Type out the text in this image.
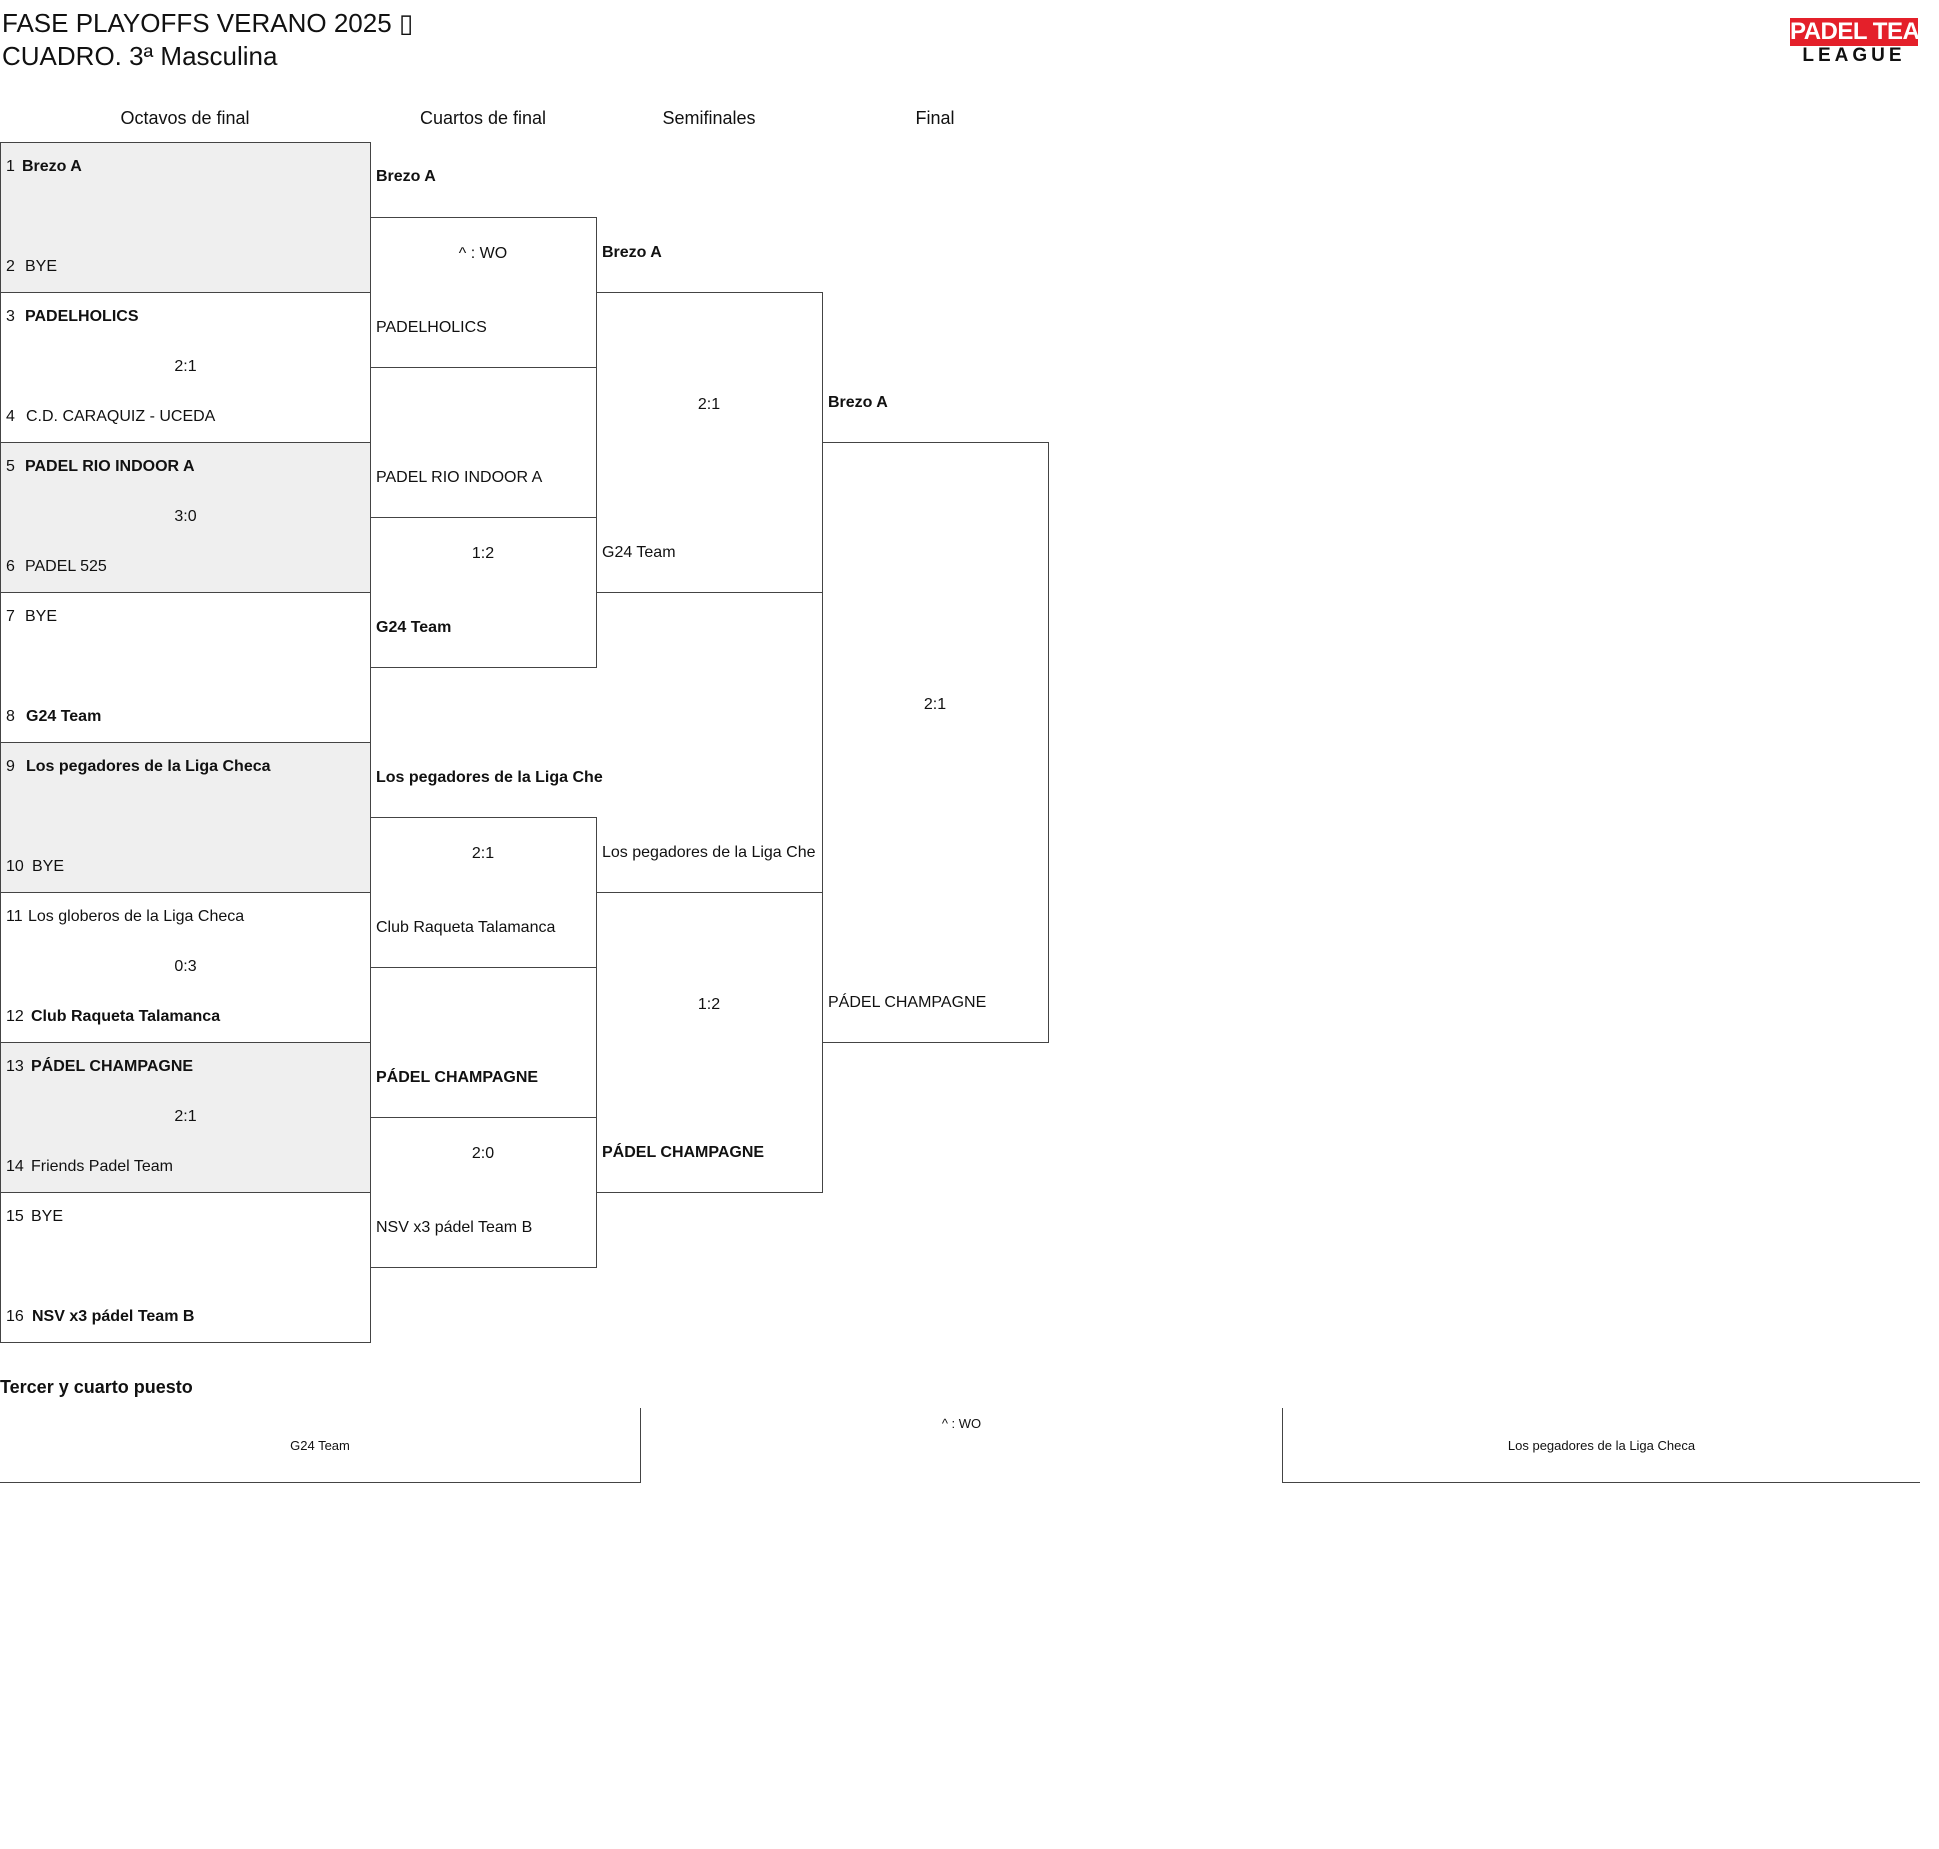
FASE PLAYOFFS VERANO 2025 ▯
CUADRO. 3ª Masculina
PADEL TEAM
LEAGUE
Octavos de final	Cuartos de final	Semifinales	Final
1 Brezo A
2 BYE
3 PADELHOLICS
2:1
4 C.D. CARAQUIZ - UCEDA
5 PADEL RIO INDOOR A
3:0
6 PADEL 525
7 BYE
8 G24 Team
9 Los pegadores de la Liga Checa
10 BYE
11 Los globeros de la Liga Checa
0:3
12 Club Raqueta Talamanca
13 PÁDEL CHAMPAGNE
2:1
14 Friends Padel Team
15 BYE
16 NSV x3 pádel Team B
Brezo A
^ : WO
PADELHOLICS
PADEL RIO INDOOR A
1:2
G24 Team
Los pegadores de la Liga Che
2:1
Club Raqueta Talamanca
PÁDEL CHAMPAGNE
2:0
NSV x3 pádel Team B
Brezo A
2:1
G24 Team
Los pegadores de la Liga Che
1:2
PÁDEL CHAMPAGNE
Brezo A
2:1
PÁDEL CHAMPAGNE
Tercer y cuarto puesto
G24 Team
^ : WO
Los pegadores de la Liga Checa
